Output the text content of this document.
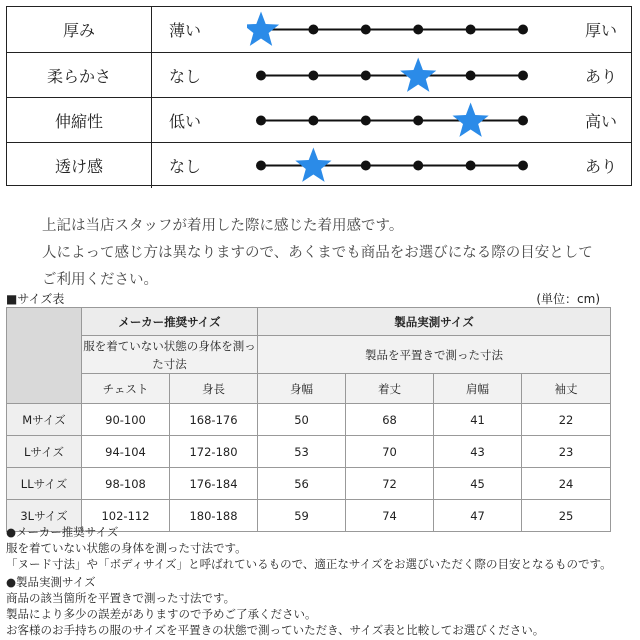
厚み	薄い	厚い
柔らかさ	なし	あり
伸縮性	低い	高い
透け感	なし	あり
上記は当店スタッフが着用した際に感じた着用感です。
人によって感じ方は異なりますので、あくまでも商品をお選びになる際の目安として
ご利用ください。
■サイズ表	(単位：cm)
	メーカー推奨サイズ		製品実測サイズ			
	服を着ていない状態の身体を測った寸法		製品を平置きで測った寸法			
	チェスト	身長	身幅	着丈	肩幅	袖丈
Mサイズ	90-100	168-176	50	68	41	22
Lサイズ	94-104	172-180	53	70	43	23
LLサイズ	98-108	176-184	56	72	45	24
3Lサイズ	102-112	180-188	59	74	47	25
●メーカー推奨サイズ
服を着ていない状態の身体を測った寸法です。
「ヌード寸法」や「ボディサイズ」と呼ばれているもので、適正なサイズをお選びいただく際の目安となるものです。
●製品実測サイズ
商品の該当箇所を平置きで測った寸法です。
製品により多少の誤差がありますので予めご了承ください。
お客様のお手持ちの服のサイズを平置きの状態で測っていただき、サイズ表と比較してお選びください。
